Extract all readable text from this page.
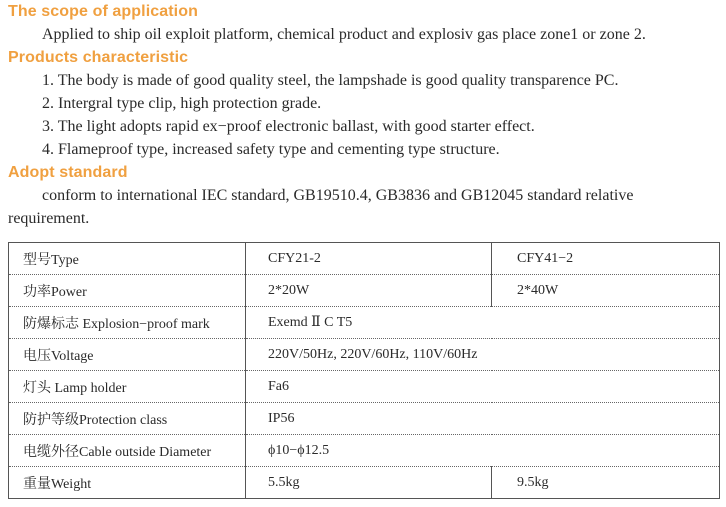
The scope of application
Applied to ship oil exploit platform, chemical product and explosiv gas place zone1 or zone 2.
Products characteristic
1. The body is made of good quality steel, the lampshade is good quality transparence PC.
2. Intergral type clip, high protection grade.
3. The light adopts rapid ex−proof electronic ballast, with good starter effect.
4. Flameproof type, increased safety type and cementing type structure.
Adopt standard
conform to international IEC standard, GB19510.4, GB3836 and GB12045 standard relative
requirement.
型号Type	CFY21-2	CFY41−2
功率Power	2*20W	2*40W
防爆标志 Explosion−proof mark	Exemd Ⅱ C T5	
电压Voltage	220V/50Hz, 220V/60Hz, 110V/60Hz	
灯头 Lamp holder	Fa6	
防护等级Protection class	IP56	
电缆外径Cable outside Diameter	ϕ10−ϕ12.5	
重量Weight	5.5kg	9.5kg
